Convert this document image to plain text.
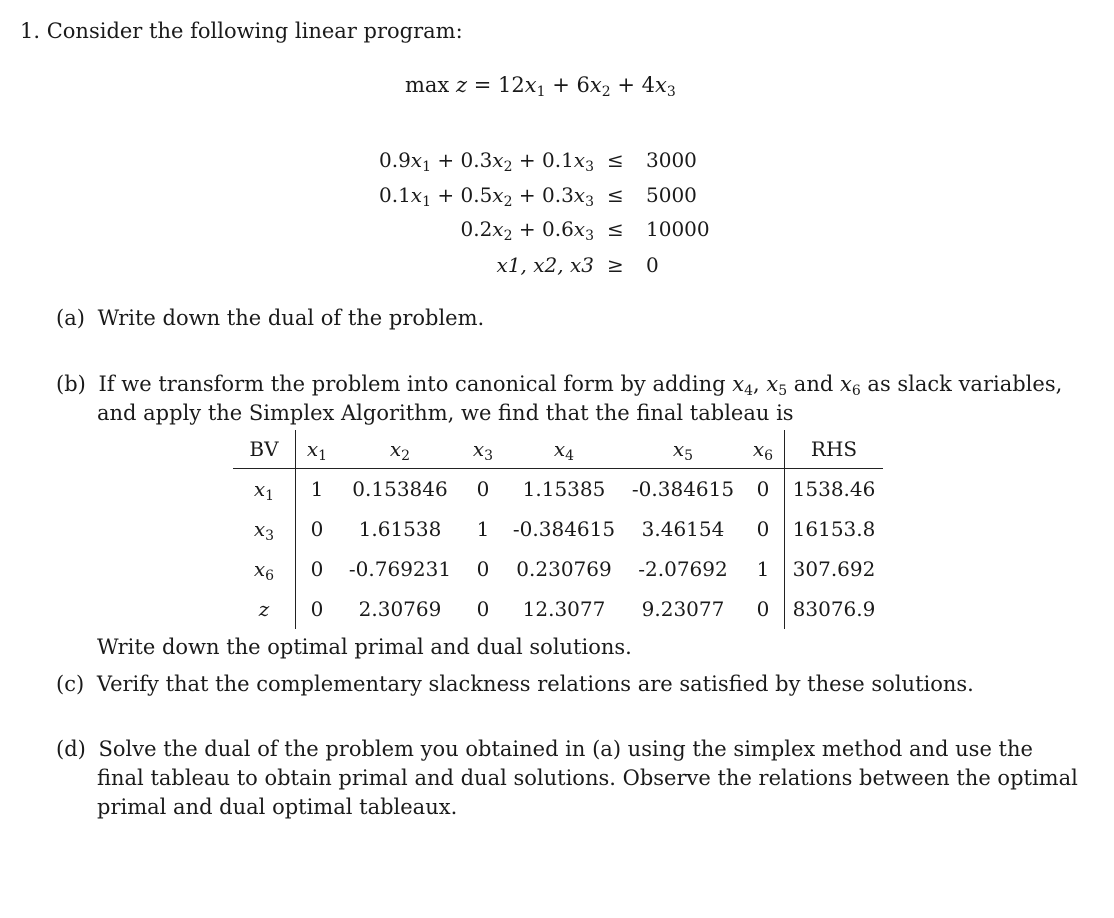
1. Consider the following linear program:
$\max z = 12x_1 + 6x_2 + 4x_3$
$0.9x_1 + 0.3x_2 + 0.1x_3 \le 3000$
$0.1x_1 + 0.5x_2 + 0.3x_3 \le 5000$
$0.2x_2 + 0.6x_3 \le 10000$
x1, x2, x3 ≥ 0
(a) Write down the dual of the problem.
(b) If we transform the problem into canonical form by adding $x_4$, $x_5$ and $x_6$ as slack variables,
and apply the Simplex Algorithm, we find that the final tableau is
BV	$x_1$	$x_2$	$x_3$	$x_4$	$x_5$	$x_6$	RHS
$x_1$	1	0.153846	0	1.15385	-0.384615	0	1538.46
$x_3$	0	1.61538	1	-0.384615	3.46154	0	16153.8
$x_6$	0	-0.769231	0	0.230769	-2.07692	1	307.692
z	0	2.30769	0	12.3077	9.23077	0	83076.9
Write down the optimal primal and dual solutions.
(c) Verify that the complementary slackness relations are satisfied by these solutions.
(d) Solve the dual of the problem you obtained in (a) using the simplex method and use the
final tableau to obtain primal and dual solutions. Observe the relations between the optimal
primal and dual optimal tableaux.
